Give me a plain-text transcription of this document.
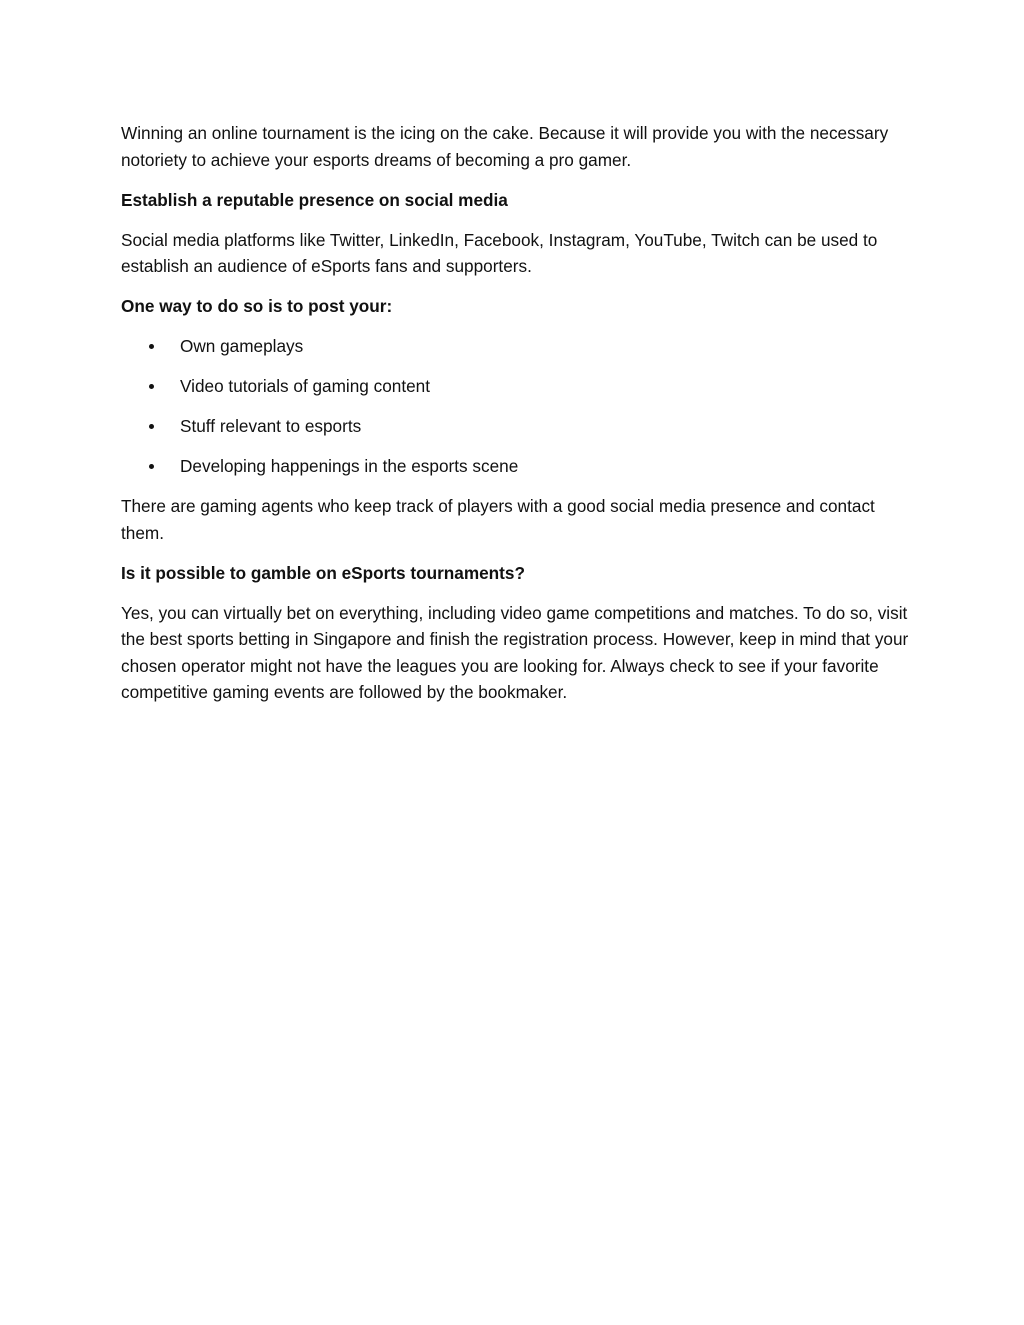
Winning an online tournament is the icing on the cake. Because it will provide you with the necessary notoriety to achieve your esports dreams of becoming a pro gamer.

Establish a reputable presence on social media

Social media platforms like Twitter, LinkedIn, Facebook, Instagram, YouTube, Twitch can be used to establish an audience of eSports fans and supporters.

One way to do so is to post your:

Own gameplays
Video tutorials of gaming content
Stuff relevant to esports
Developing happenings in the esports scene

There are gaming agents who keep track of players with a good social media presence and contact them.

Is it possible to gamble on eSports tournaments?

Yes, you can virtually bet on everything, including video game competitions and matches. To do so, visit the best sports betting in Singapore and finish the registration process. However, keep in mind that your chosen operator might not have the leagues you are looking for. Always check to see if your favorite competitive gaming events are followed by the bookmaker.
